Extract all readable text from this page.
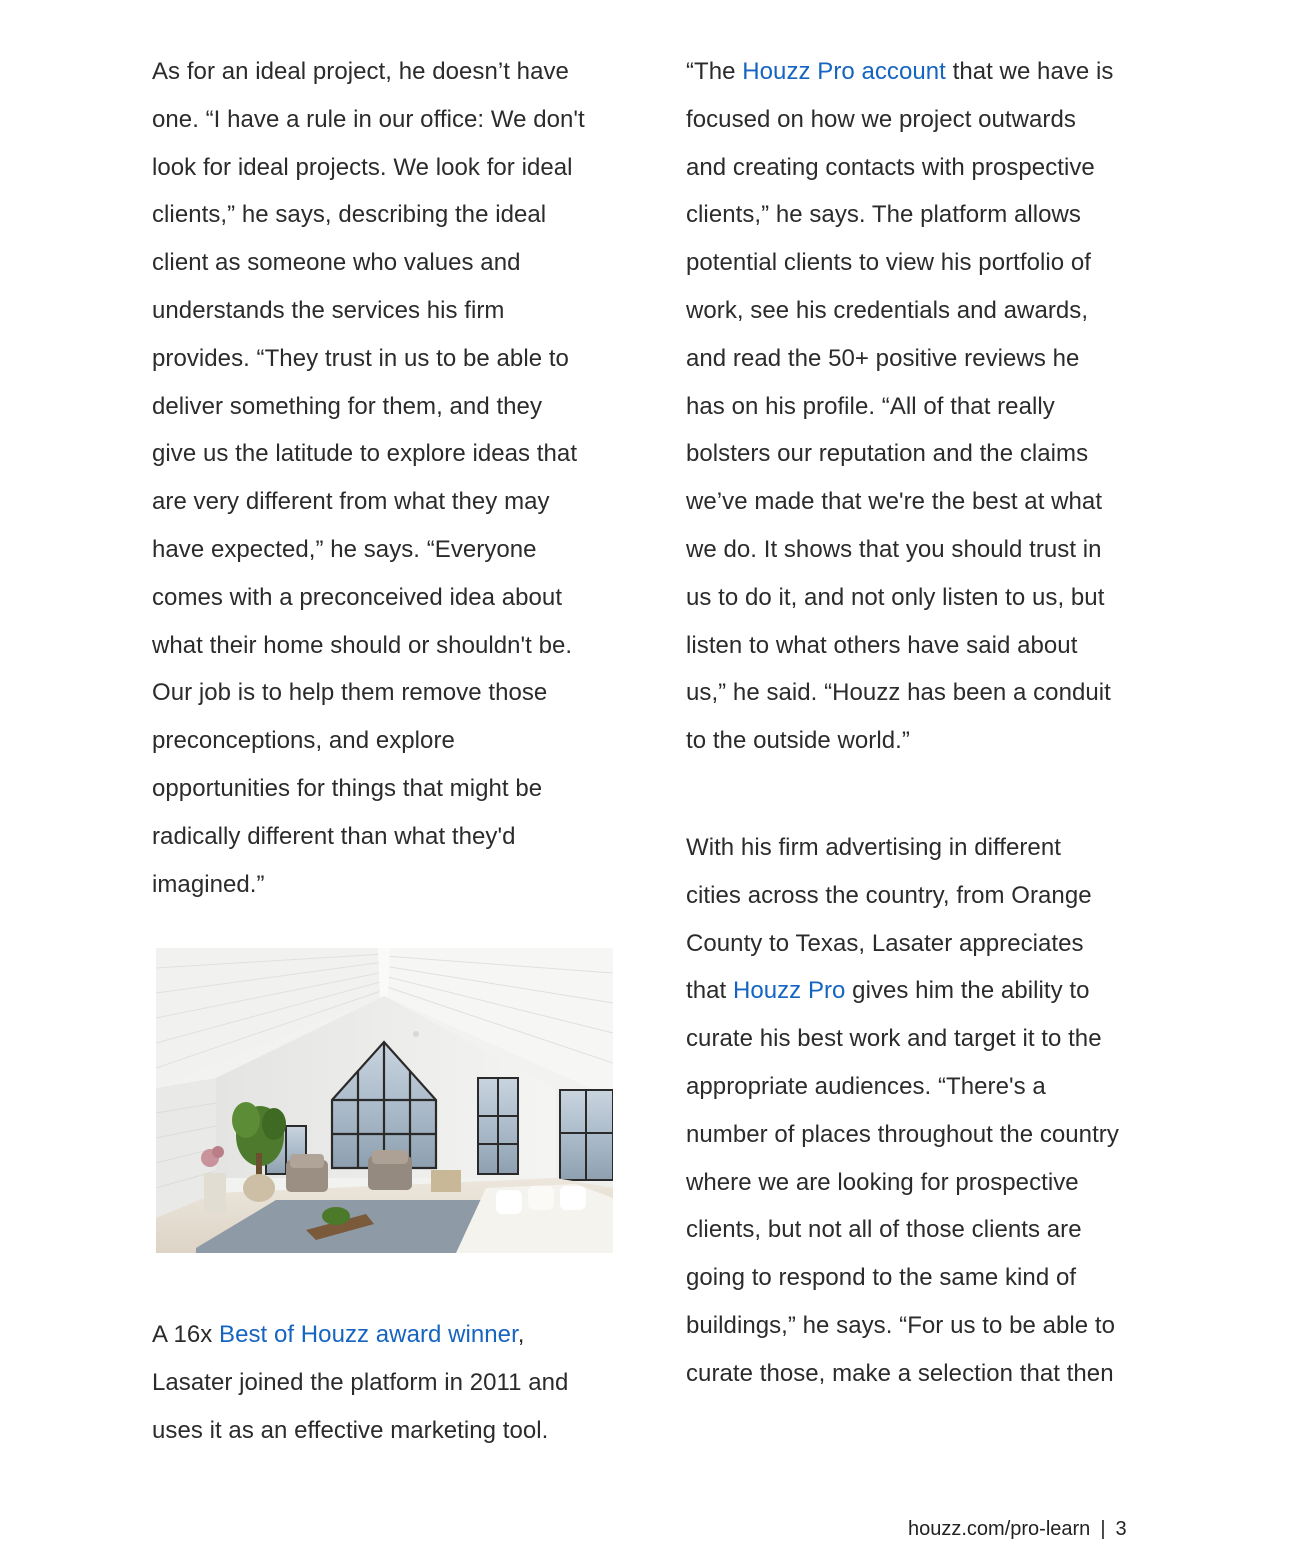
As for an ideal project, he doesn’t have
one. “I have a rule in our office: We don't
look for ideal projects. We look for ideal
clients,” he says, describing the ideal
client as someone who values and
understands the services his firm
provides. “They trust in us to be able to
deliver something for them, and they
give us the latitude to explore ideas that
are very different from what they may
have expected,” he says. “Everyone
comes with a preconceived idea about
what their home should or shouldn't be.
Our job is to help them remove those
preconceptions, and explore
opportunities for things that might be
radically different than what they'd
imagined.”

A 16x Best of Houzz award winner,
Lasater joined the platform in 2011 and
uses it as an effective marketing tool.

“The Houzz Pro account that we have is
focused on how we project outwards
and creating contacts with prospective
clients,” he says. The platform allows
potential clients to view his portfolio of
work, see his credentials and awards,
and read the 50+ positive reviews he
has on his profile. “All of that really
bolsters our reputation and the claims
we’ve made that we're the best at what
we do. It shows that you should trust in
us to do it, and not only listen to us, but
listen to what others have said about
us,” he said. “Houzz has been a conduit
to the outside world.”

With his firm advertising in different
cities across the country, from Orange
County to Texas, Lasater appreciates
that Houzz Pro gives him the ability to
curate his best work and target it to the
appropriate audiences. “There's a
number of places throughout the country
where we are looking for prospective
clients, but not all of those clients are
going to respond to the same kind of
buildings,” he says. “For us to be able to
curate those, make a selection that then
houzz.com/pro-learn | 3
